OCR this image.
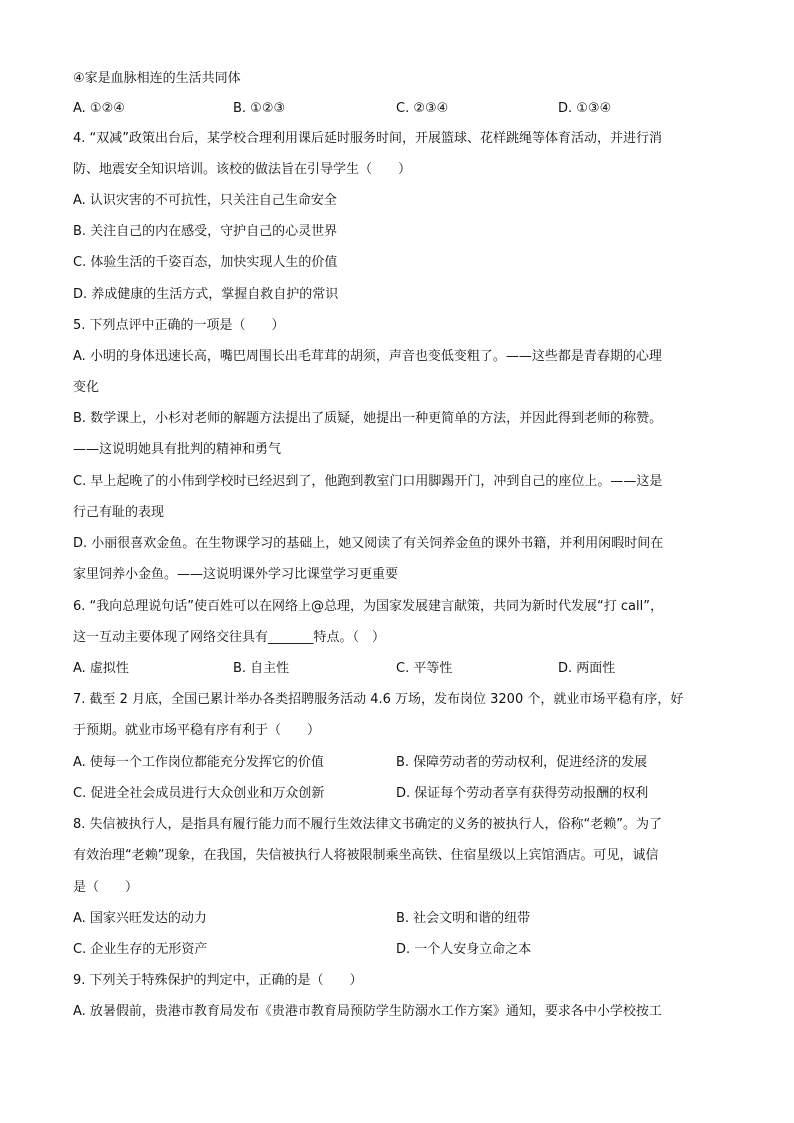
④家是血脉相连的生活共同体
A. ①②④	B. ①②③	C. ②③④	D. ①③④
4. “双减”政策出台后，某学校合理利用课后延时服务时间，开展篮球、花样跳绳等体育活动，并进行消
防、地震安全知识培训。该校的做法旨在引导学生（　　）
A. 认识灾害的不可抗性，只关注自己生命安全
B. 关注自己的内在感受，守护自己的心灵世界
C. 体验生活的千姿百态，加快实现人生的价值
D. 养成健康的生活方式，掌握自救自护的常识
5. 下列点评中正确的一项是（　　）
A. 小明的身体迅速长高，嘴巴周围长出毛茸茸的胡须，声音也变低变粗了。——这些都是青春期的心理
变化
B. 数学课上，小杉对老师的解题方法提出了质疑，她提出一种更简单的方法，并因此得到老师的称赞。
——这说明她具有批判的精神和勇气
C. 早上起晚了的小伟到学校时已经迟到了，他跑到教室门口用脚踢开门，冲到自己的座位上。——这是
行己有耻的表现
D. 小丽很喜欢金鱼。在生物课学习的基础上，她又阅读了有关饲养金鱼的课外书籍，并利用闲暇时间在
家里饲养小金鱼。——这说明课外学习比课堂学习更重要
6. “我向总理说句话”使百姓可以在网络上@总理，为国家发展建言献策，共同为新时代发展“打 call”，
这一互动主要体现了网络交往具有_______特点。（　）
A. 虚拟性	B. 自主性	C. 平等性	D. 两面性
7. 截至 2 月底，全国已累计举办各类招聘服务活动 4.6 万场，发布岗位 3200 个，就业市场平稳有序，好
于预期。就业市场平稳有序有利于（　　）
A. 使每一个工作岗位都能充分发挥它的价值	B. 保障劳动者的劳动权利，促进经济的发展
C. 促进全社会成员进行大众创业和万众创新	D. 保证每个劳动者享有获得劳动报酬的权利
8. 失信被执行人，是指具有履行能力而不履行生效法律文书确定的义务的被执行人，俗称“老赖”。为了
有效治理“老赖”现象，在我国，失信被执行人将被限制乘坐高铁、住宿星级以上宾馆酒店。可见，诚信
是（　　）
A. 国家兴旺发达的动力	B. 社会文明和谐的纽带
C. 企业生存的无形资产	D. 一个人安身立命之本
9. 下列关于特殊保护的判定中，正确的是（　　）
A. 放暑假前，贵港市教育局发布《贵港市教育局预防学生防溺水工作方案》通知，要求各中小学校按工
